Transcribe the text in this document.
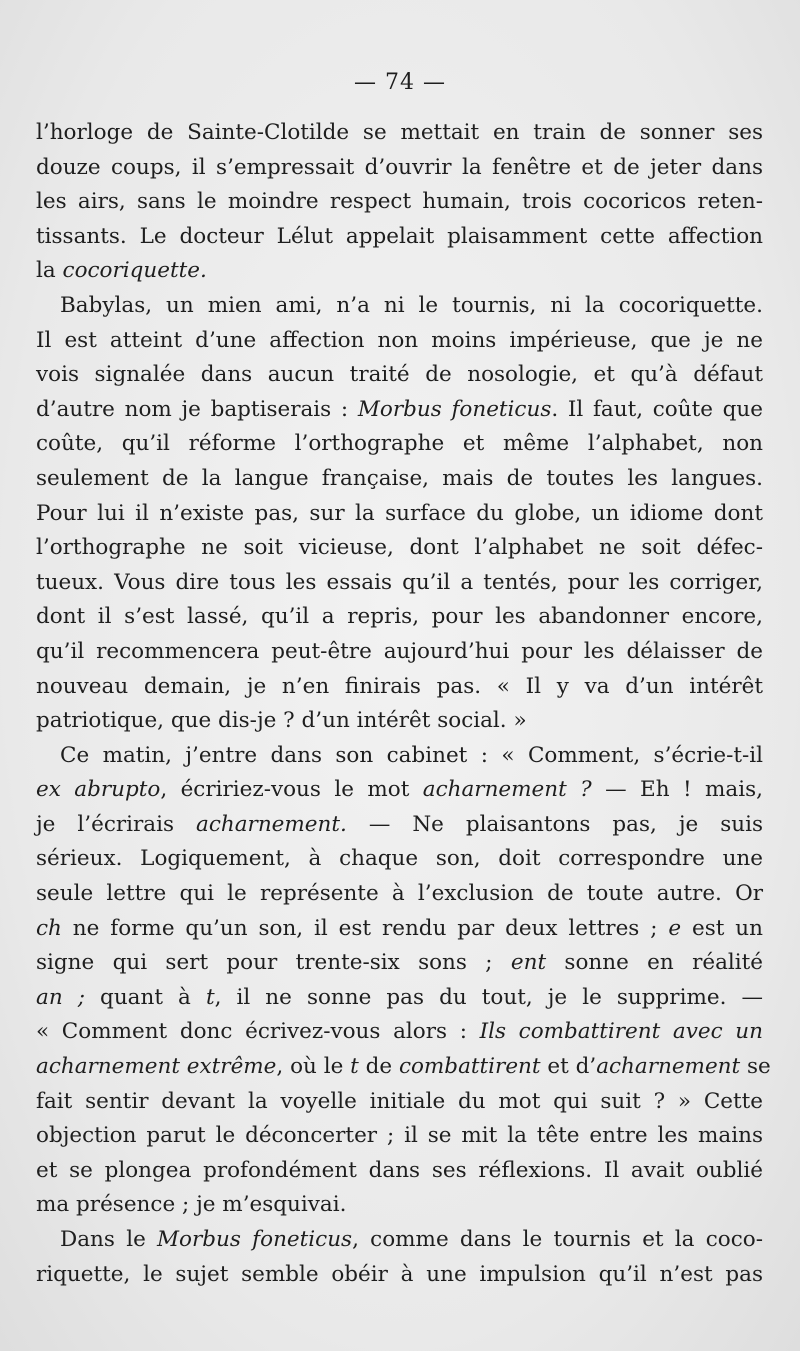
— 74 —
l’horloge de Sainte-Clotilde se mettait en train de sonner ses
douze coups, il s’empressait d’ouvrir la fenêtre et de jeter dans
les airs, sans le moindre respect humain, trois cocoricos reten-
tissants. Le docteur Lélut appelait plaisamment cette affection
la cocoriquette.
Babylas, un mien ami, n’a ni le tournis, ni la cocoriquette.
Il est atteint d’une affection non moins impérieuse, que je ne
vois signalée dans aucun traité de nosologie, et qu’à défaut
d’autre nom je baptiserais : Morbus foneticus. Il faut, coûte que
coûte, qu’il réforme l’orthographe et même l’alphabet, non
seulement de la langue française, mais de toutes les langues.
Pour lui il n’existe pas, sur la surface du globe, un idiome dont
l’orthographe ne soit vicieuse, dont l’alphabet ne soit défec-
tueux. Vous dire tous les essais qu’il a tentés, pour les corriger,
dont il s’est lassé, qu’il a repris, pour les abandonner encore,
qu’il recommencera peut-être aujourd’hui pour les délaisser de
nouveau demain, je n’en finirais pas. « Il y va d’un intérêt
patriotique, que dis-je ? d’un intérêt social. »
Ce matin, j’entre dans son cabinet : « Comment, s’écrie-t-il
ex abrupto, écririez-vous le mot acharnement ? — Eh ! mais,
je l’écrirais acharnement. — Ne plaisantons pas, je suis
sérieux. Logiquement, à chaque son, doit correspondre une
seule lettre qui le représente à l’exclusion de toute autre. Or
ch ne forme qu’un son, il est rendu par deux lettres ; e est un
signe qui sert pour trente-six sons ; ent sonne en réalité
an ; quant à t, il ne sonne pas du tout, je le supprime. —
« Comment donc écrivez-vous alors : Ils combattirent avec un
acharnement extrême, où le t de combattirent et d’acharnement se
fait sentir devant la voyelle initiale du mot qui suit ? » Cette
objection parut le déconcerter ; il se mit la tête entre les mains
et se plongea profondément dans ses réflexions. Il avait oublié
ma présence ; je m’esquivai.
Dans le Morbus foneticus, comme dans le tournis et la coco-
riquette, le sujet semble obéir à une impulsion qu’il n’est pas
